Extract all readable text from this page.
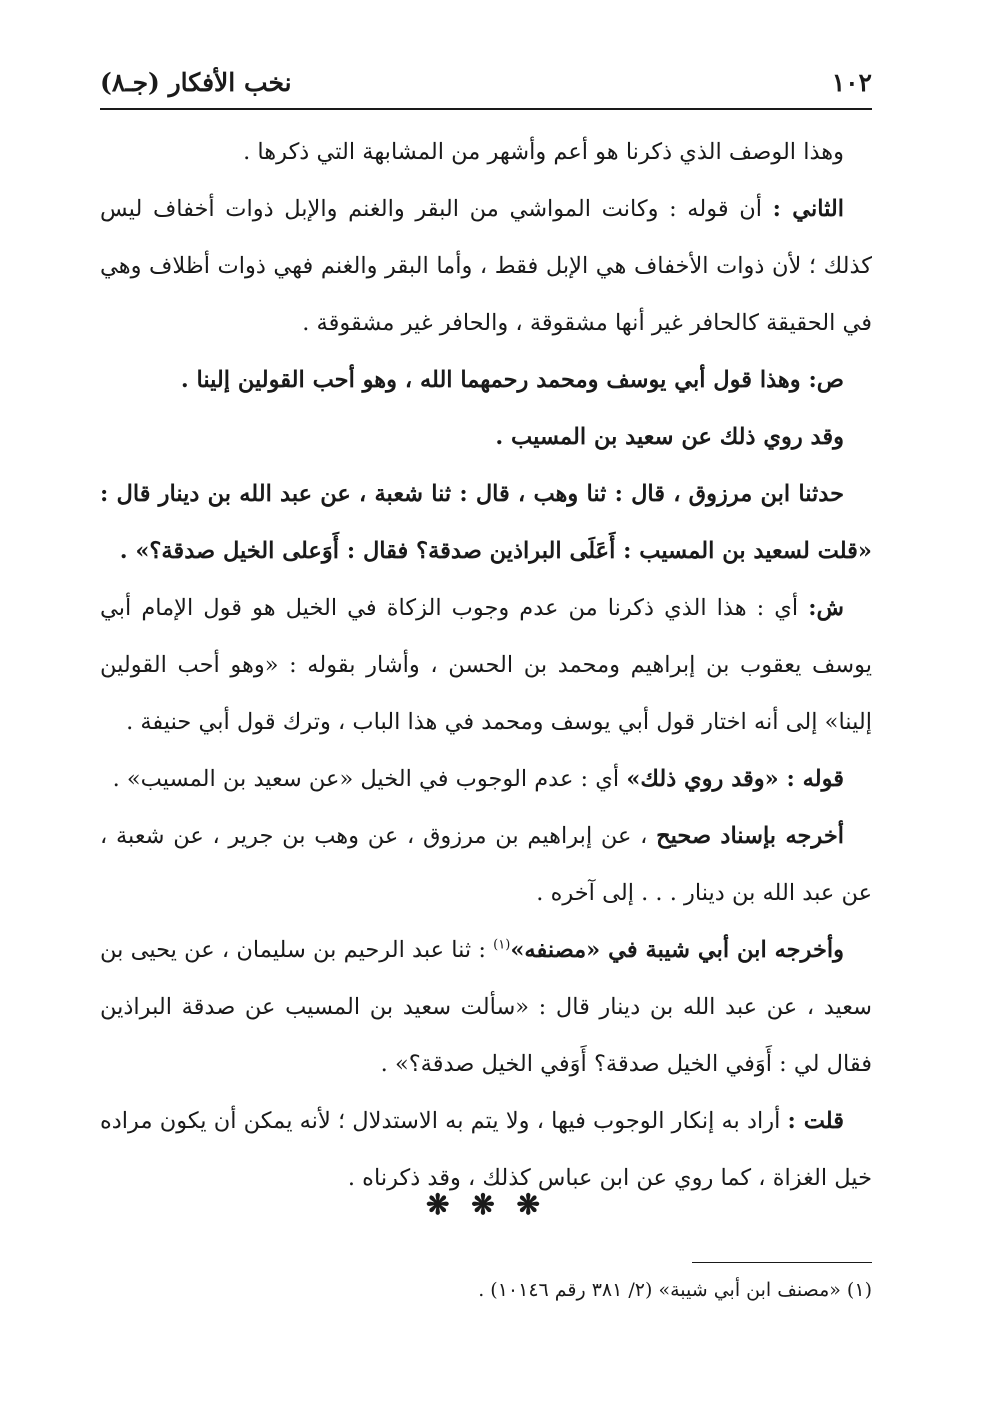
١٠٢
نخب الأفكار (جـ٨)

وهذا الوصف الذي ذكرنا هو أعم وأشهر من المشابهة التي ذكرها .

الثاني : أن قوله : وكانت المواشي من البقر والغنم والإبل ذوات أخفاف ليس كذلك ؛ لأن ذوات الأخفاف هي الإبل فقط ، وأما البقر والغنم فهي ذوات أظلاف وهي في الحقيقة كالحافر غير أنها مشقوقة ، والحافر غير مشقوقة .

ص: وهذا قول أبي يوسف ومحمد رحمهما الله ، وهو أحب القولين إلينا .

وقد روي ذلك عن سعيد بن المسيب .

حدثنا ابن مرزوق ، قال : ثنا وهب ، قال : ثنا شعبة ، عن عبد الله بن دينار قال : «قلت لسعيد بن المسيب : أَعَلَى البراذين صدقة؟ فقال : أَوَعلى الخيل صدقة؟» .

ش: أي : هذا الذي ذكرنا من عدم وجوب الزكاة في الخيل هو قول الإمام أبي يوسف يعقوب بن إبراهيم ومحمد بن الحسن ، وأشار بقوله : «وهو أحب القولين إلينا» إلى أنه اختار قول أبي يوسف ومحمد في هذا الباب ، وترك قول أبي حنيفة .

قوله : «وقد روي ذلك» أي : عدم الوجوب في الخيل «عن سعيد بن المسيب» .

أخرجه بإسناد صحيح ، عن إبراهيم بن مرزوق ، عن وهب بن جرير ، عن شعبة ، عن عبد الله بن دينار . . . إلى آخره .

وأخرجه ابن أبي شيبة في «مصنفه»$^{(١)}$ : ثنا عبد الرحيم بن سليمان ، عن يحيى بن سعيد ، عن عبد الله بن دينار قال : «سألت سعيد بن المسيب عن صدقة البراذين فقال لي : أَوَفي الخيل صدقة؟ أَوَفي الخيل صدقة؟» .

قلت : أراد به إنكار الوجوب فيها ، ولا يتم به الاستدلال ؛ لأنه يمكن أن يكون مراده خيل الغزاة ، كما روي عن ابن عباس كذلك ، وقد ذكرناه .

❋ ❋ ❋
(١) «مصنف ابن أبي شيبة» (٢/ ٣٨١ رقم ١٠١٤٦) .
